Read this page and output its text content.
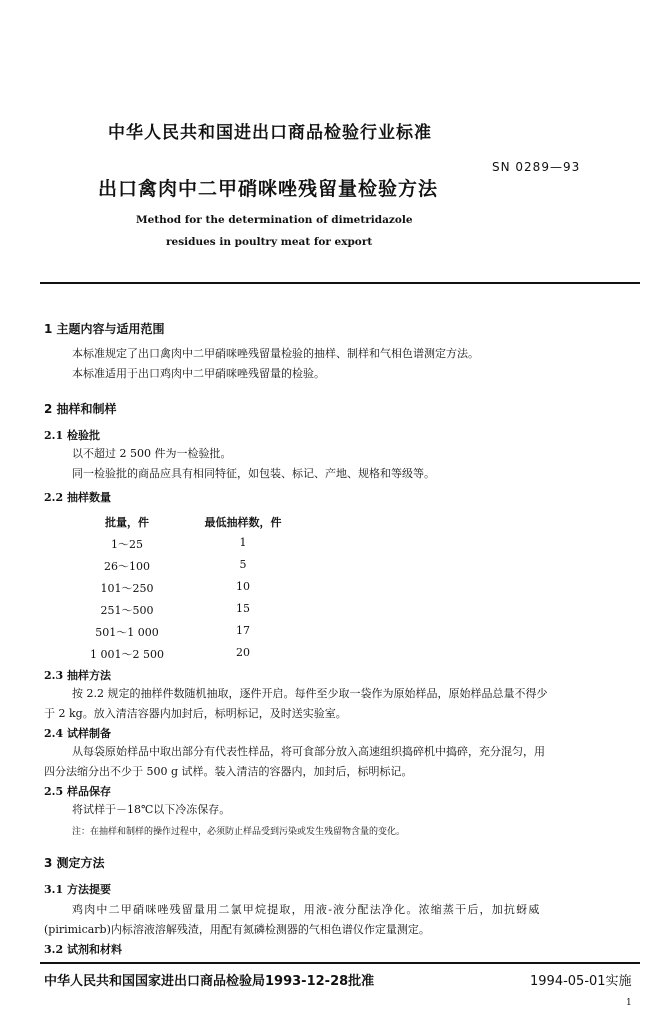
中华人民共和国进出口商品检验行业标准
SN 0289—93
出口禽肉中二甲硝咪唑残留量检验方法
Method for the determination of dimetridazole
residues in poultry meat for export
1 主题内容与适用范围
本标准规定了出口禽肉中二甲硝咪唑残留量检验的抽样、制样和气相色谱测定方法。
本标准适用于出口鸡肉中二甲硝咪唑残留量的检验。
2 抽样和制样
2.1 检验批
以不超过 2 500 件为一检验批。
同一检验批的商品应具有相同特征，如包装、标记、产地、规格和等级等。
2.2 抽样数量
批量，件	最低抽样数，件
1～25	1
26～100	5
101～250	10
251～500	15
501～1 000	17
1 001～2 500	20
2.3 抽样方法
按 2.2 规定的抽样件数随机抽取，逐件开启。每件至少取一袋作为原始样品，原始样品总量不得少
于 2 kg。放入清洁容器内加封后，标明标记，及时送实验室。
2.4 试样制备
从每袋原始样品中取出部分有代表性样品，将可食部分放入高速组织捣碎机中捣碎，充分混匀，用
四分法缩分出不少于 500 g 试样。装入清洁的容器内，加封后，标明标记。
2.5 样品保存
将试样于－18℃以下冷冻保存。
注：在抽样和制样的操作过程中，必须防止样品受到污染或发生残留物含量的变化。
3 测定方法
3.1 方法提要
鸡肉中二甲硝咪唑残留量用二氯甲烷提取，用液-液分配法净化。浓缩蒸干后，加抗蚜威
(pirimicarb)内标溶液溶解残渣，用配有氮磷检测器的气相色谱仪作定量测定。
3.2 试剂和材料
中华人民共和国国家进出口商品检验局1993-12-28批准	1994-05-01实施
1
